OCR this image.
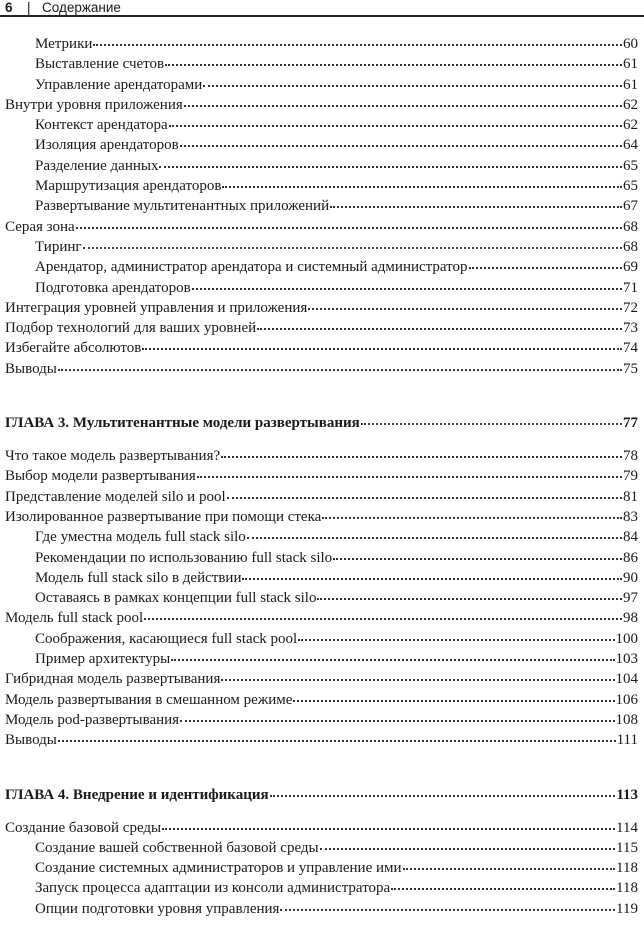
6 | Содержание
Метрики	60
Выставление счетов	61
Управление арендаторами	61
Внутри уровня приложения	62
Контекст арендатора	62
Изоляция арендаторов	64
Разделение данных	65
Маршрутизация арендаторов	65
Развертывание мультитенантных приложений	67
Серая зона	68
Тиринг	68
Арендатор, администратор арендатора и системный администратор	69
Подготовка арендаторов	71
Интеграция уровней управления и приложения	72
Подбор технологий для ваших уровней	73
Избегайте абсолютов	74
Выводы	75
ГЛАВА 3. Мультитенантные модели развертывания	77
Что такое модель развертывания?	78
Выбор модели развертывания	79
Представление моделей silo и pool	81
Изолированное развертывание при помощи стека	83
Где уместна модель full stack silo	84
Рекомендации по использованию full stack silo	86
Модель full stack silo в действии	90
Оставаясь в рамках концепции full stack silo	97
Модель full stack pool	98
Соображения, касающиеся full stack pool	100
Пример архитектуры	103
Гибридная модель развертывания	104
Модель развертывания в смешанном режиме	106
Модель pod-развертывания	108
Выводы	111
ГЛАВА 4. Внедрение и идентификация	113
Создание базовой среды	114
Создание вашей собственной базовой среды	115
Создание системных администраторов и управление ими	118
Запуск процесса адаптации из консоли администратора	118
Опции подготовки уровня управления	119
